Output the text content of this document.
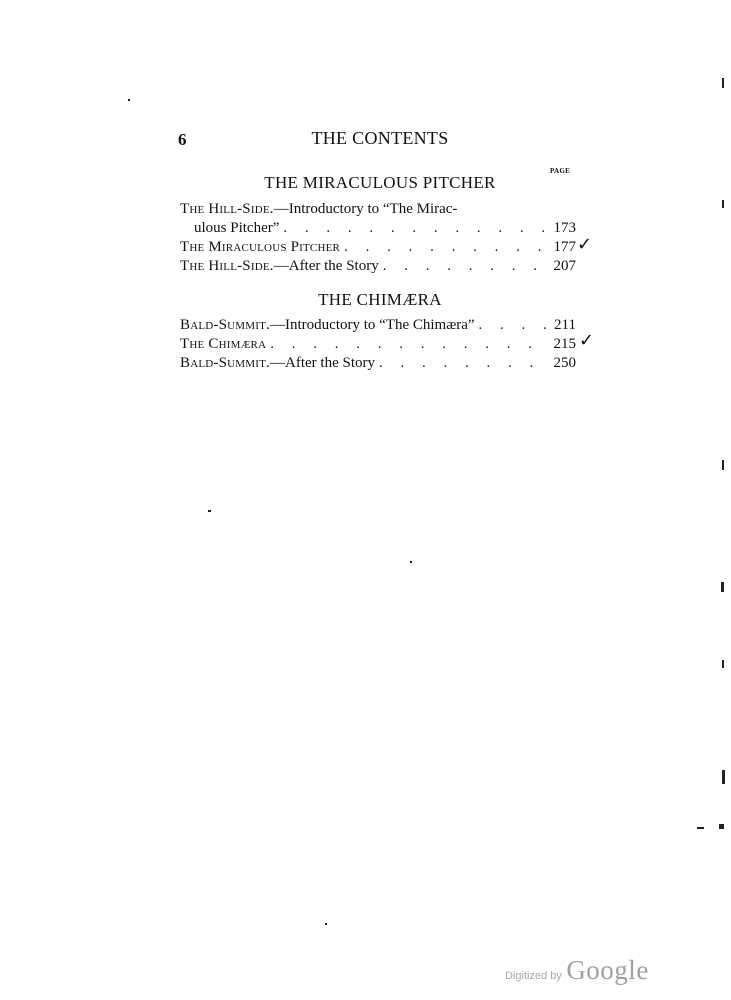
6	THE CONTENTS
PAGE
THE MIRACULOUS PITCHER
The Hill-Side. —Introductory to “The Mirac-
ulous Pitcher” . . .	173
The Miraculous Pitcher . . .	177 ✓
The Hill-Side. —After the Story . . .	207
THE CHIMÆRA
Bald-Summit. —Introductory to “The Chimæra” . . .	211
The Chimæra . . .	215 ✓
Bald-Summit. —After the Story . . .	250
Digitized by Google
